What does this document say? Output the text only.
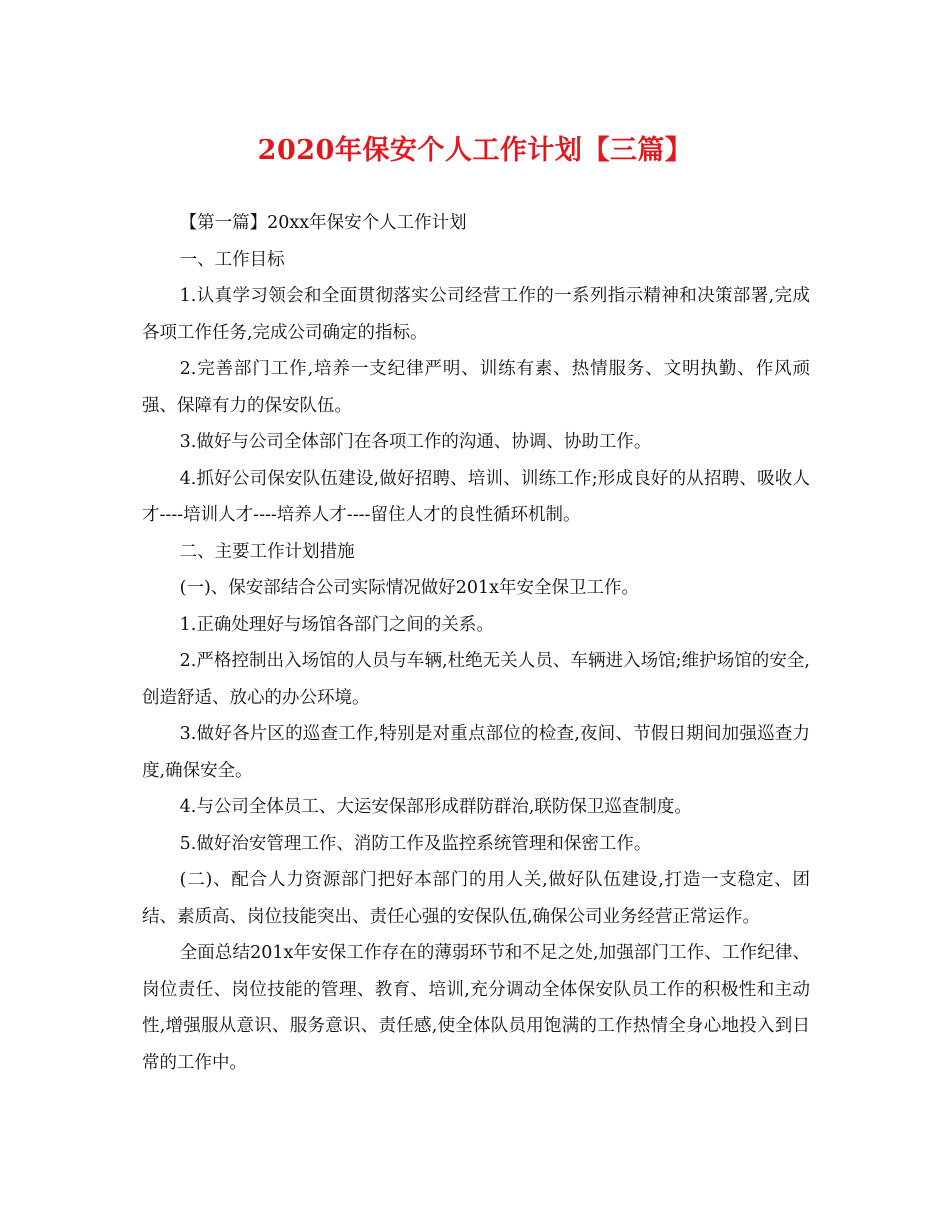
2020年保安个人工作计划【三篇】

【第一篇】20xx年保安个人工作计划

一、工作目标

1.认真学习领会和全面贯彻落实公司经营工作的一系列指示精神和决策部署,完成各项工作任务,完成公司确定的指标。

2.完善部门工作,培养一支纪律严明、训练有素、热情服务、文明执勤、作风顽强、保障有力的保安队伍。

3.做好与公司全体部门在各项工作的沟通、协调、协助工作。

4.抓好公司保安队伍建设,做好招聘、培训、训练工作;形成良好的从招聘、吸收人才----培训人才----培养人才----留住人才的良性循环机制。

二、主要工作计划措施

(一)、保安部结合公司实际情况做好201x年安全保卫工作。

1.正确处理好与场馆各部门之间的关系。

2.严格控制出入场馆的人员与车辆,杜绝无关人员、车辆进入场馆;维护场馆的安全,创造舒适、放心的办公环境。

3.做好各片区的巡查工作,特别是对重点部位的检查,夜间、节假日期间加强巡查力度,确保安全。

4.与公司全体员工、大运安保部形成群防群治,联防保卫巡查制度。

5.做好治安管理工作、消防工作及监控系统管理和保密工作。

(二)、配合人力资源部门把好本部门的用人关,做好队伍建设,打造一支稳定、团结、素质高、岗位技能突出、责任心强的安保队伍,确保公司业务经营正常运作。

全面总结201x年安保工作存在的薄弱环节和不足之处,加强部门工作、工作纪律、岗位责任、岗位技能的管理、教育、培训,充分调动全体保安队员工作的积极性和主动性,增强服从意识、服务意识、责任感,使全体队员用饱满的工作热情全身心地投入到日常的工作中。
